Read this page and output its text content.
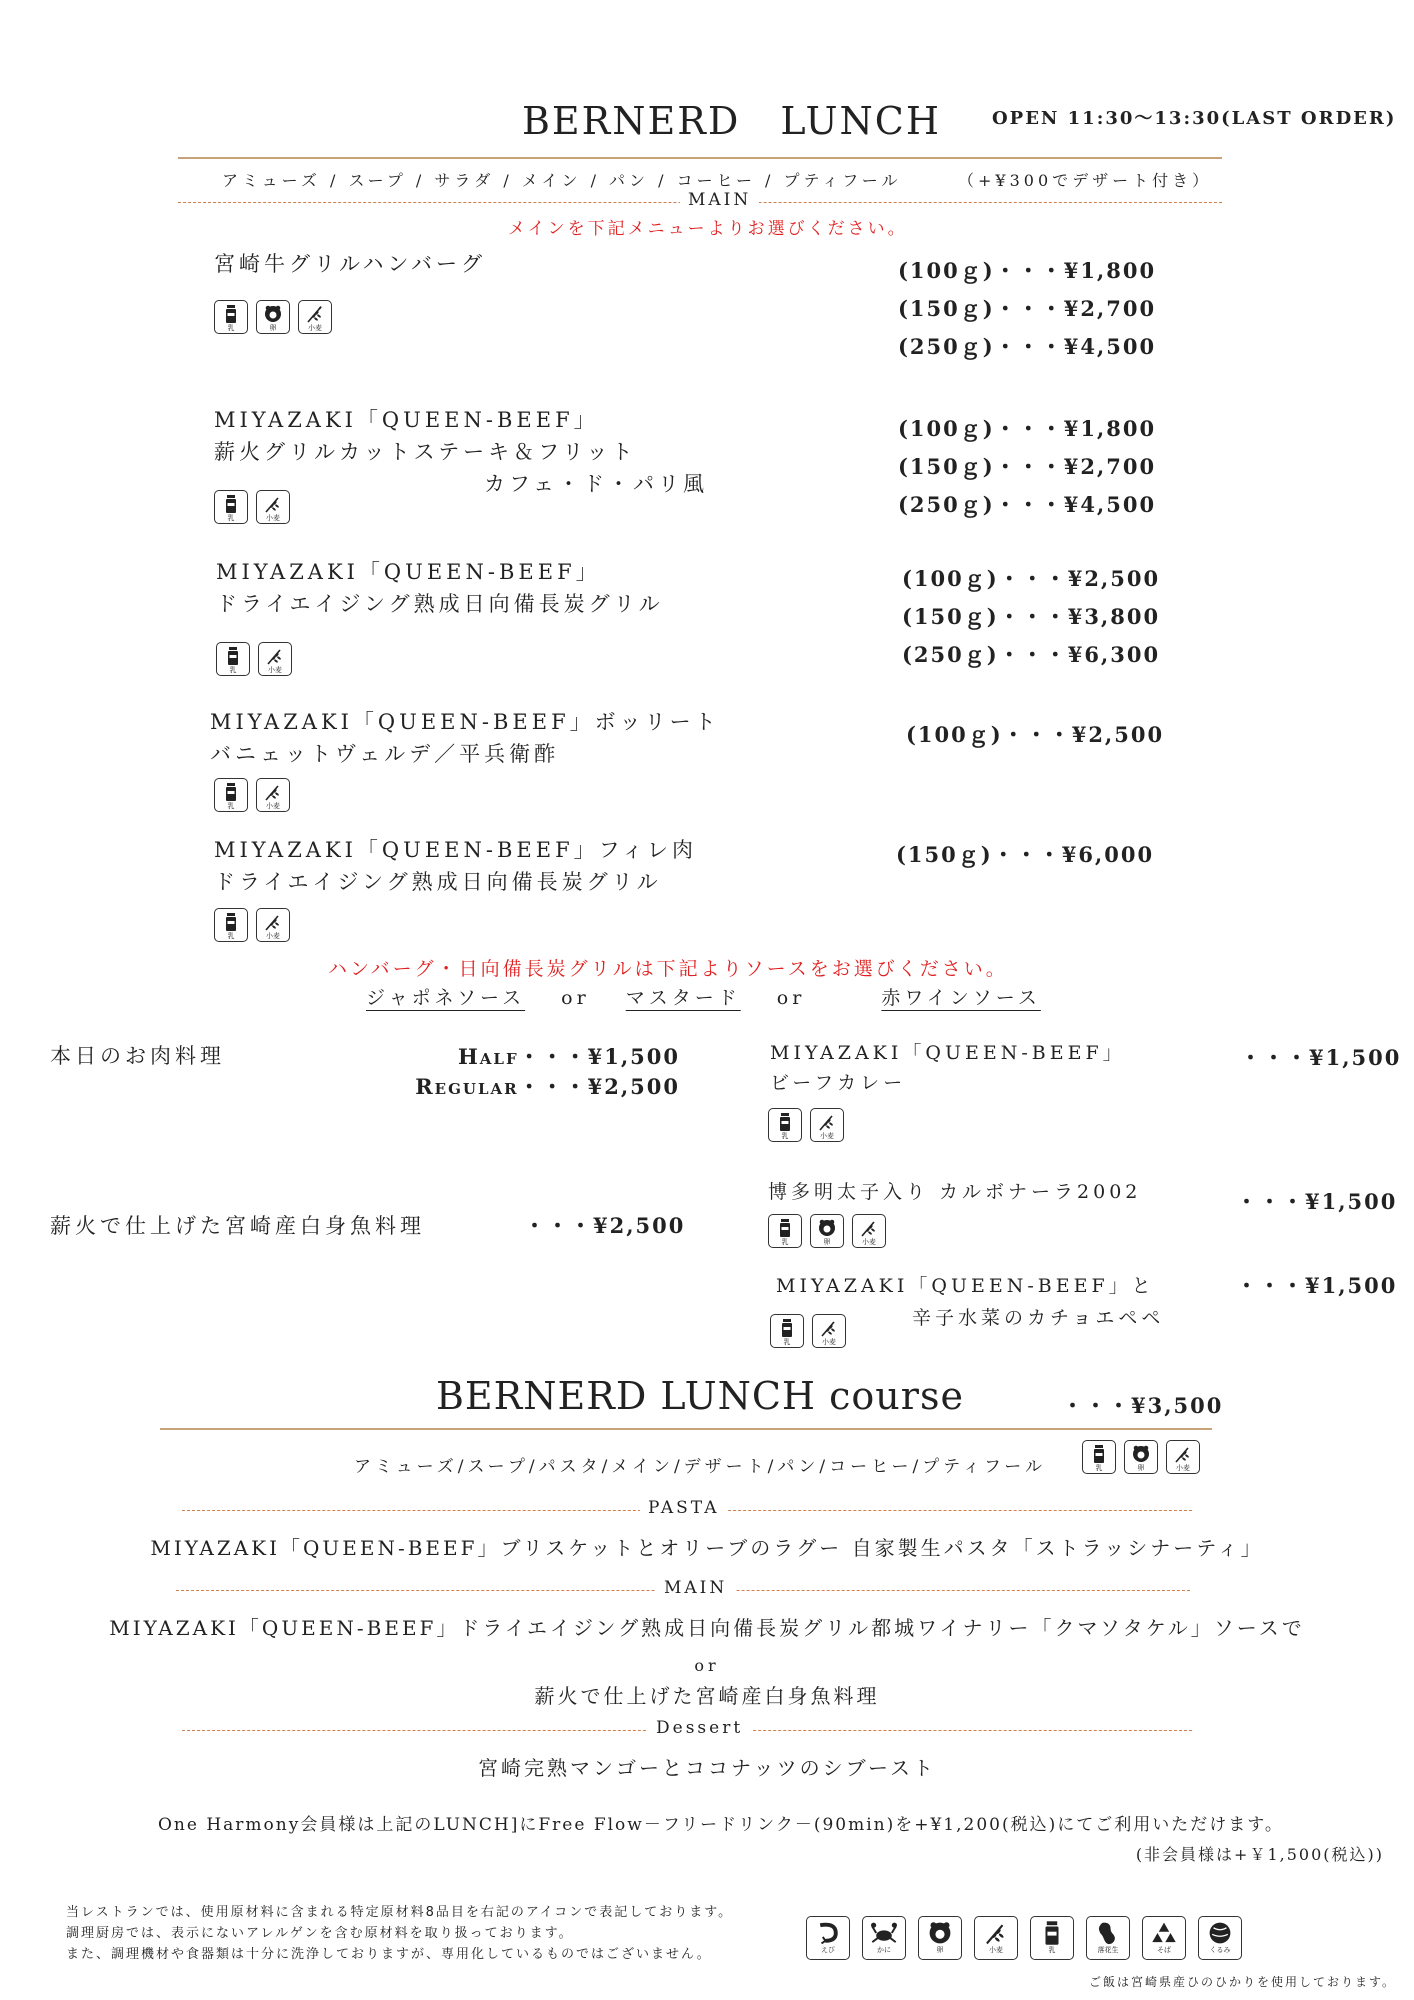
BERNERD　LUNCH	OPEN 11:30〜13:30(LAST ORDER)
アミューズ / スープ / サラダ / メイン / パン / コーヒー / プティフール	（+¥300でデザート付き）
MAIN
メインを下記メニューよりお選びください。
宮崎牛グリルハンバーグ	(100ｇ)・・・¥1,800
(150ｇ)・・・¥2,700
(250ｇ)・・・¥4,500
乳	卵	小麦
MIYAZAKI「QUEEN-BEEF」
薪火グリルカットステーキ＆フリット
カフェ・ド・パリ風
(100ｇ)・・・¥1,800
(150ｇ)・・・¥2,700
(250ｇ)・・・¥4,500
乳	小麦
MIYAZAKI「QUEEN-BEEF」
ドライエイジング熟成日向備長炭グリル
(100ｇ)・・・¥2,500
(150ｇ)・・・¥3,800
(250ｇ)・・・¥6,300
乳	小麦
MIYAZAKI「QUEEN-BEEF」ボッリート
バニェットヴェルデ／平兵衛酢
(100ｇ)・・・¥2,500
乳	小麦
MIYAZAKI「QUEEN-BEEF」フィレ肉
ドライエイジング熟成日向備長炭グリル
(150ｇ)・・・¥6,000
乳	小麦
ハンバーグ・日向備長炭グリルは下記よりソースをお選びください。
ジャポネソース or マスタード or	赤ワインソース
本日のお肉料理	Half・・・¥1,500
Regular・・・¥2,500
薪火で仕上げた宮崎産白身魚料理	・・・¥2,500
MIYAZAKI「QUEEN-BEEF」
ビーフカレー
・・・¥1,500
乳	小麦
博多明太子入り カルボナーラ2002	・・・¥1,500
乳	卵	小麦
MIYAZAKI「QUEEN-BEEF」と
辛子水菜のカチョエペペ
・・・¥1,500
乳	小麦
BERNERD LUNCH course	・・・¥3,500
アミューズ/スープ/パスタ/メイン/デザート/パン/コーヒー/プティフール	乳	卵	小麦
PASTA
MIYAZAKI「QUEEN-BEEF」ブリスケットとオリーブのラグー 自家製生パスタ「ストラッシナーティ」
MAIN
MIYAZAKI「QUEEN-BEEF」ドライエイジング熟成日向備長炭グリル都城ワイナリー「クマソタケル」ソースで
or
薪火で仕上げた宮崎産白身魚料理
Dessert
宮崎完熟マンゴーとココナッツのシブースト
One Harmony会員様は上記のLUNCH]にFree Flow－フリードリンク－(90min)を+¥1,200(税込)にてご利用いただけます。
(非会員様は+￥1,500(税込))
当レストランでは、使用原材料に含まれる特定原材料8品目を右記のアイコンで表記しております。
調理厨房では、表示にないアレルゲンを含む原材料を取り扱っております。
また、調理機材や食器類は十分に洗浄しておりますが、専用化しているものではございません。	えび	かに	卵	小麦	乳	落花生	そば	くるみ
ご飯は宮崎県産ひのひかりを使用しております。
